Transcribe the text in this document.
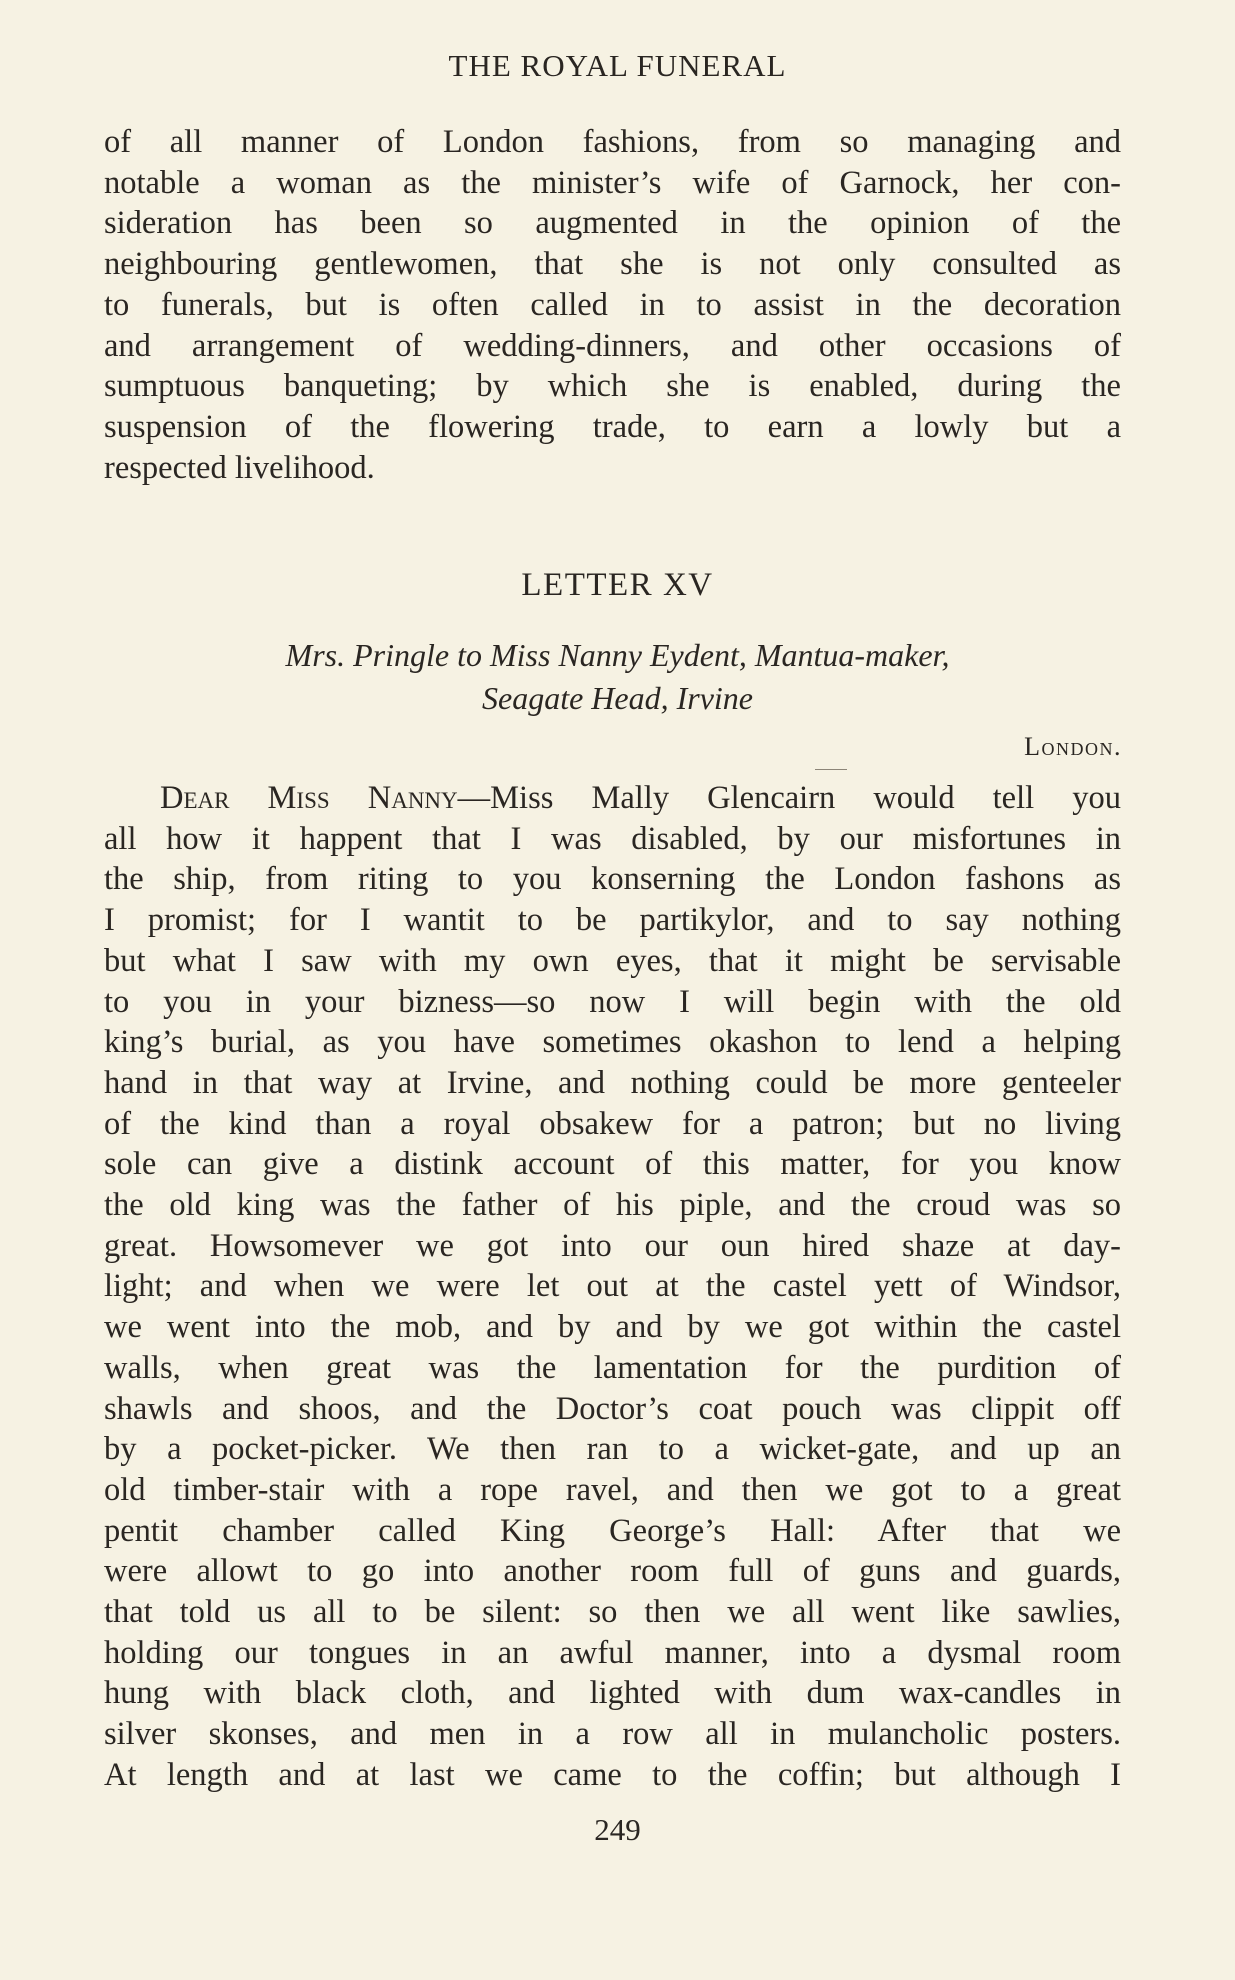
THE ROYAL FUNERAL
of all manner of London fashions, from so managing and
notable a woman as the minister’s wife of Garnock, her con-
sideration has been so augmented in the opinion of the
neighbouring gentlewomen, that she is not only consulted as
to funerals, but is often called in to assist in the decoration
and arrangement of wedding-dinners, and other occasions of
sumptuous banqueting; by which she is enabled, during the
suspension of the flowering trade, to earn a lowly but a
respected livelihood.
LETTER XV
Mrs. Pringle to Miss Nanny Eydent, Mantua-maker,
Seagate Head, Irvine
London.
Dear Miss Nanny—Miss Mally Glencairn would tell you
all how it happent that I was disabled, by our misfortunes in
the ship, from riting to you konserning the London fashons as
I promist; for I wantit to be partikylor, and to say nothing
but what I saw with my own eyes, that it might be servisable
to you in your bizness—so now I will begin with the old
king’s burial, as you have sometimes okashon to lend a helping
hand in that way at Irvine, and nothing could be more genteeler
of the kind than a royal obsakew for a patron; but no living
sole can give a distink account of this matter, for you know
the old king was the father of his piple, and the croud was so
great. Howsomever we got into our oun hired shaze at day-
light; and when we were let out at the castel yett of Windsor,
we went into the mob, and by and by we got within the castel
walls, when great was the lamentation for the purdition of
shawls and shoos, and the Doctor’s coat pouch was clippit off
by a pocket-picker. We then ran to a wicket-gate, and up an
old timber-stair with a rope ravel, and then we got to a great
pentit chamber called King George’s Hall: After that we
were allowt to go into another room full of guns and guards,
that told us all to be silent: so then we all went like sawlies,
holding our tongues in an awful manner, into a dysmal room
hung with black cloth, and lighted with dum wax-candles in
silver skonses, and men in a row all in mulancholic posters.
At length and at last we came to the coffin; but although I
249
